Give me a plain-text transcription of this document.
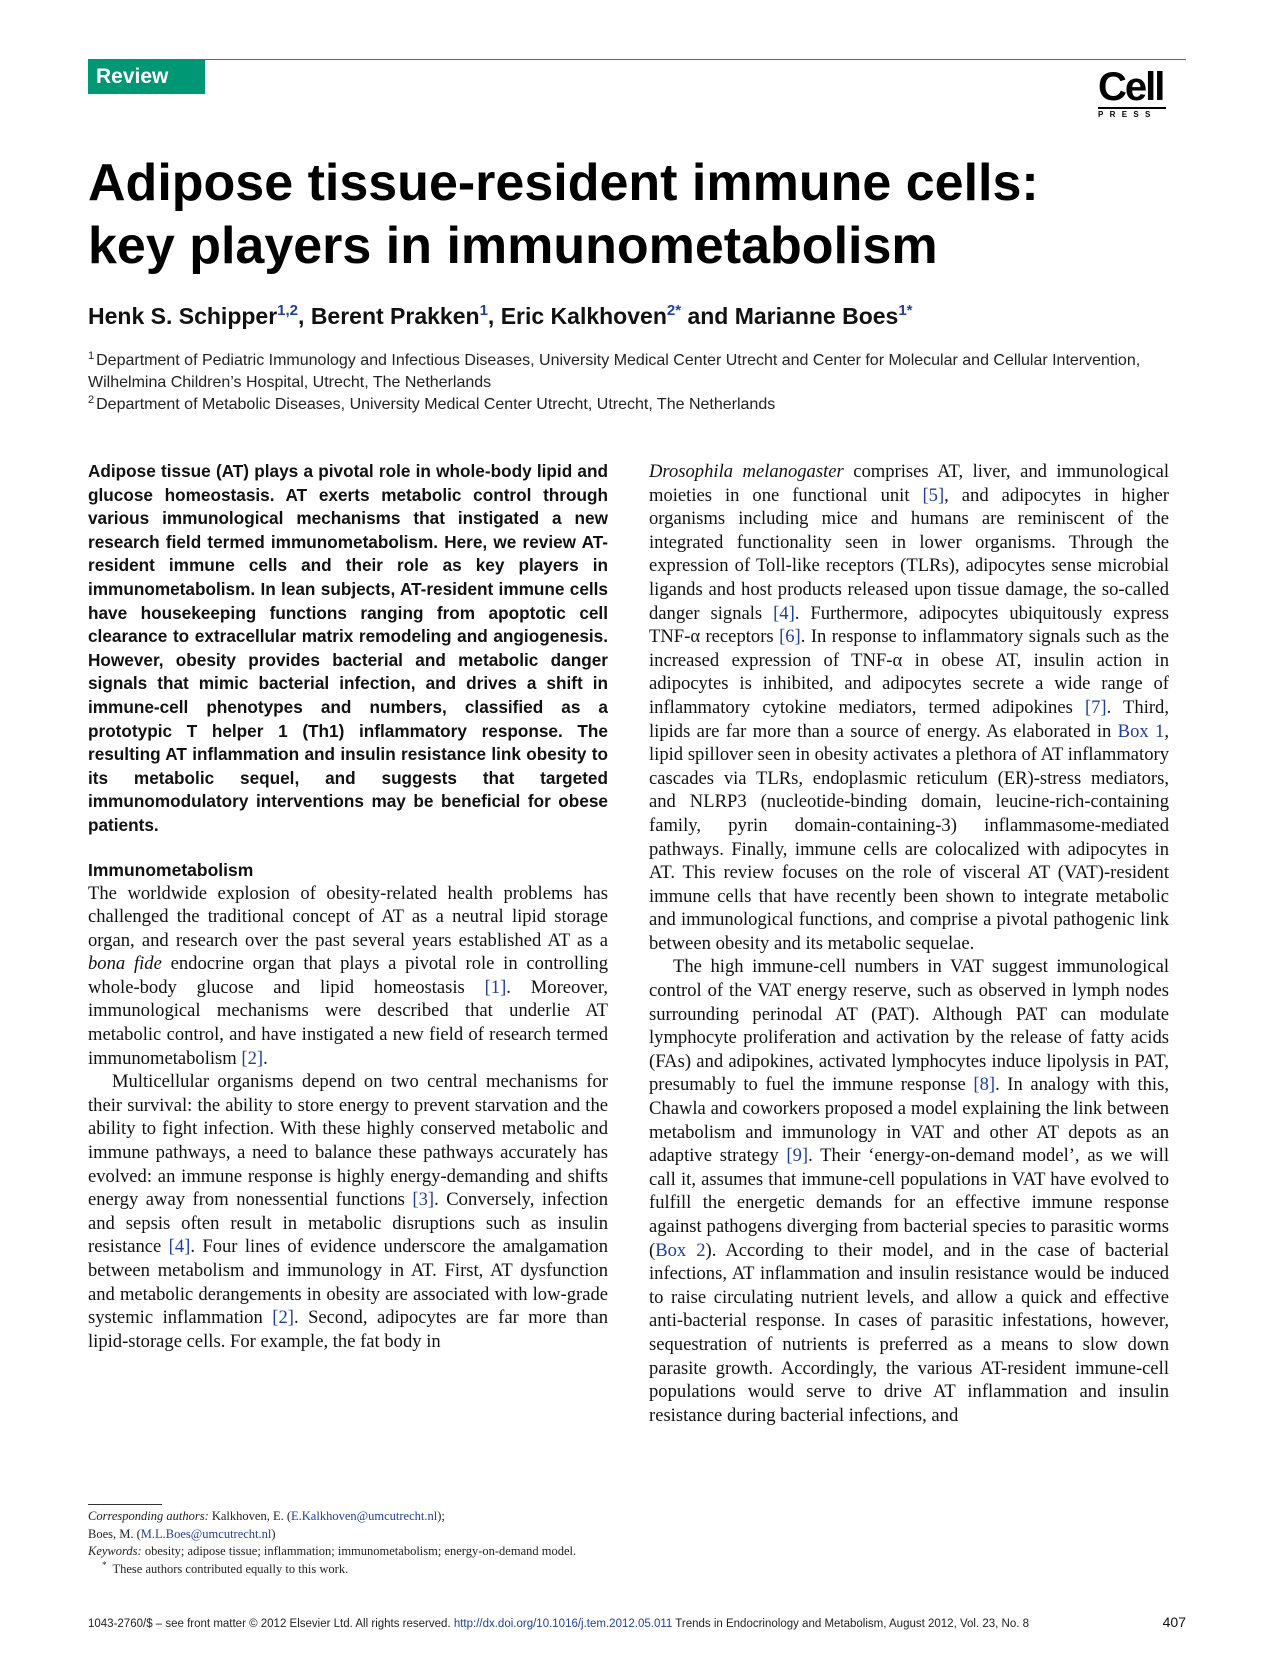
Review	Cell
PRESS
Adipose tissue-resident immune cells:
key players in immunometabolism
Henk S. Schipper$^{1,2}$, Berent Prakken$^1$, Eric Kalkhoven$^{2*}$ and Marianne Boes$^{1*}$
$^1$ Department of Pediatric Immunology and Infectious Diseases, University Medical Center Utrecht and Center for Molecular and Cellular Intervention, Wilhelmina Children’s Hospital, Utrecht, The Netherlands
$^2$ Department of Metabolic Diseases, University Medical Center Utrecht, Utrecht, The Netherlands

Adipose tissue (AT) plays a pivotal role in whole-body lipid and glucose homeostasis. AT exerts metabolic control through various immunological mechanisms that instigated a new research field termed immunometabolism. Here, we review AT-resident immune cells and their role as key players in immunometabolism. In lean subjects, AT-resident immune cells have housekeeping functions ranging from apoptotic cell clearance to extracellular matrix remodeling and angiogenesis. However, obesity provides bacterial and metabolic danger signals that mimic bacterial infection, and drives a shift in immune-cell phenotypes and numbers, classified as a prototypic T helper 1 (Th1) inflammatory response. The resulting AT inflammation and insulin resistance link obesity to its metabolic sequel, and suggests that targeted immunomodulatory interventions may be beneficial for obese patients.

Immunometabolism

The worldwide explosion of obesity-related health problems has challenged the traditional concept of AT as a neutral lipid storage organ, and research over the past several years established AT as a bona fide endocrine organ that plays a pivotal role in controlling whole-body glucose and lipid homeostasis [1]. Moreover, immunological mechanisms were described that underlie AT metabolic control, and have instigated a new field of research termed immunometabolism [2].

Multicellular organisms depend on two central mechanisms for their survival: the ability to store energy to prevent starvation and the ability to fight infection. With these highly conserved metabolic and immune pathways, a need to balance these pathways accurately has evolved: an immune response is highly energy-demanding and shifts energy away from nonessential functions [3]. Conversely, infection and sepsis often result in metabolic disruptions such as insulin resistance [4]. Four lines of evidence underscore the amalgamation between metabolism and immunology in AT. First, AT dysfunction and metabolic derangements in obesity are associated with low-grade systemic inflammation [2]. Second, adipocytes are far more than lipid-storage cells. For example, the fat body in

Drosophila melanogaster comprises AT, liver, and immunological moieties in one functional unit [5], and adipocytes in higher organisms including mice and humans are reminiscent of the integrated functionality seen in lower organisms. Through the expression of Toll-like receptors (TLRs), adipocytes sense microbial ligands and host products released upon tissue damage, the so-called danger signals [4]. Furthermore, adipocytes ubiquitously express TNF-α receptors [6]. In response to inflammatory signals such as the increased expression of TNF-α in obese AT, insulin action in adipocytes is inhibited, and adipocytes secrete a wide range of inflammatory cytokine mediators, termed adipokines [7]. Third, lipids are far more than a source of energy. As elaborated in Box 1, lipid spillover seen in obesity activates a plethora of AT inflammatory cascades via TLRs, endoplasmic reticulum (ER)-stress mediators, and NLRP3 (nucleotide-binding domain, leucine-rich-containing family, pyrin domain-containing-3) inflammasome-mediated pathways. Finally, immune cells are colocalized with adipocytes in AT. This review focuses on the role of visceral AT (VAT)-resident immune cells that have recently been shown to integrate metabolic and immunological functions, and comprise a pivotal pathogenic link between obesity and its metabolic sequelae.

The high immune-cell numbers in VAT suggest immunological control of the VAT energy reserve, such as observed in lymph nodes surrounding perinodal AT (PAT). Although PAT can modulate lymphocyte proliferation and activation by the release of fatty acids (FAs) and adipokines, activated lymphocytes induce lipolysis in PAT, presumably to fuel the immune response [8]. In analogy with this, Chawla and coworkers proposed a model explaining the link between metabolism and immunology in VAT and other AT depots as an adaptive strategy [9]. Their ‘energy-on-demand model’, as we will call it, assumes that immune-cell populations in VAT have evolved to fulfill the energetic demands for an effective immune response against pathogens diverging from bacterial species to parasitic worms (Box 2). According to their model, and in the case of bacterial infections, AT inflammation and insulin resistance would be induced to raise circulating nutrient levels, and allow a quick and effective anti-bacterial response. In cases of parasitic infestations, however, sequestration of nutrients is preferred as a means to slow down parasite growth. Accordingly, the various AT-resident immune-cell populations would serve to drive AT inflammation and insulin resistance during bacterial infections, and

Corresponding authors: Kalkhoven, E. (E.Kalkhoven@umcutrecht.nl);
Boes, M. (M.L.Boes@umcutrecht.nl)
Keywords: obesity; adipose tissue; inflammation; immunometabolism; energy-on-demand model.
* These authors contributed equally to this work.
1043-2760/$ – see front matter © 2012 Elsevier Ltd. All rights reserved. http://dx.doi.org/10.1016/j.tem.2012.05.011 Trends in Endocrinology and Metabolism, August 2012, Vol. 23, No. 8	407
